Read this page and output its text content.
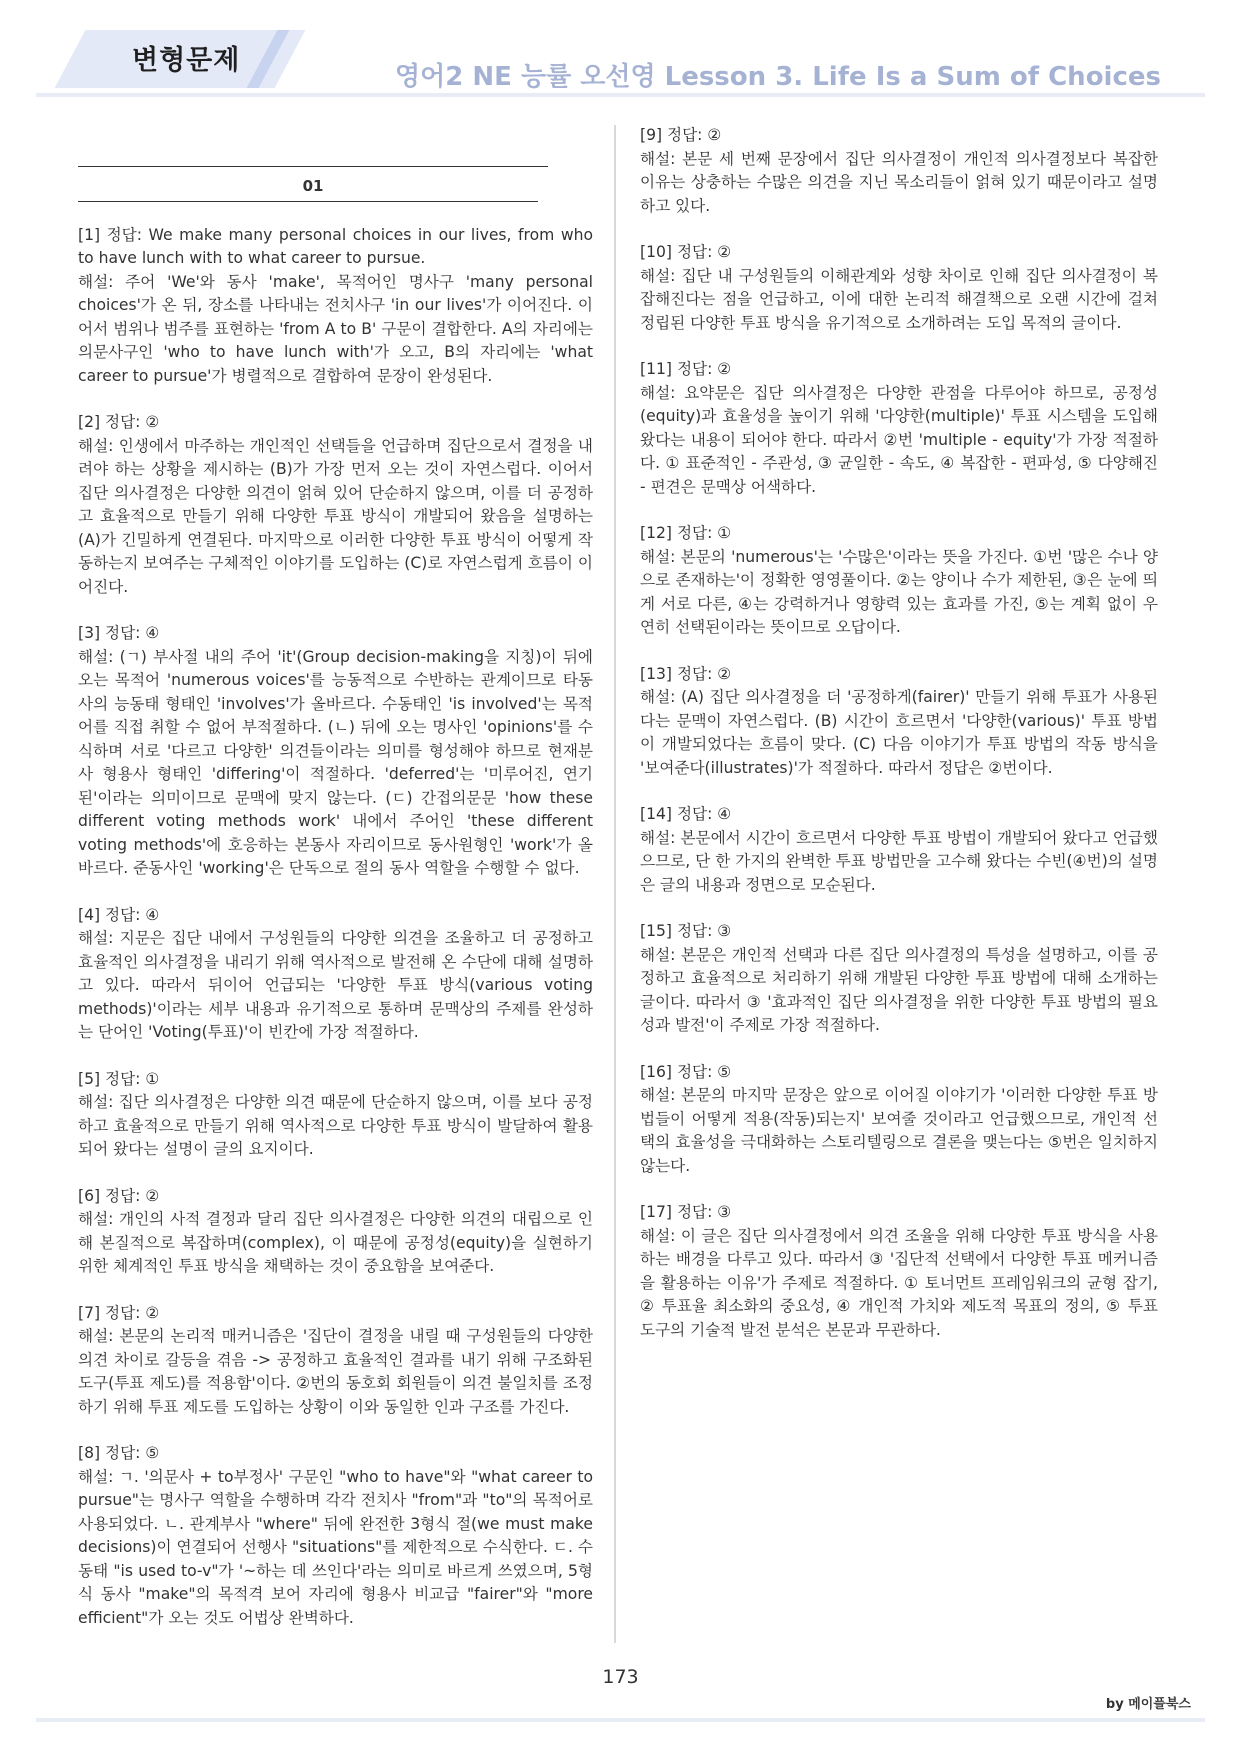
변형문제
영어2 NE 능률 오선영 Lesson 3. Life Is a Sum of Choices
01

[1] 정답: We make many personal choices in our lives, from who to have lunch with to what career to pursue.

해설: 주어 'We'와 동사 'make', 목적어인 명사구 'many personal choices'가 온 뒤, 장소를 나타내는 전치사구 'in our lives'가 이어진다. 이어서 범위나 범주를 표현하는 'from A to B' 구문이 결합한다. A의 자리에는 의문사구인 'who to have lunch with'가 오고, B의 자리에는 'what career to pursue'가 병렬적으로 결합하여 문장이 완성된다.

[2] 정답: ②

해설: 인생에서 마주하는 개인적인 선택들을 언급하며 집단으로서 결정을 내려야 하는 상황을 제시하는 (B)가 가장 먼저 오는 것이 자연스럽다. 이어서 집단 의사결정은 다양한 의견이 얽혀 있어 단순하지 않으며, 이를 더 공정하고 효율적으로 만들기 위해 다양한 투표 방식이 개발되어 왔음을 설명하는 (A)가 긴밀하게 연결된다. 마지막으로 이러한 다양한 투표 방식이 어떻게 작동하는지 보여주는 구체적인 이야기를 도입하는 (C)로 자연스럽게 흐름이 이어진다.

[3] 정답: ④

해설: (ㄱ) 부사절 내의 주어 'it'(Group decision-making을 지칭)이 뒤에 오는 목적어 'numerous voices'를 능동적으로 수반하는 관계이므로 타동사의 능동태 형태인 'involves'가 올바르다. 수동태인 'is involved'는 목적어를 직접 취할 수 없어 부적절하다. (ㄴ) 뒤에 오는 명사인 'opinions'를 수식하며 서로 '다르고 다양한' 의견들이라는 의미를 형성해야 하므로 현재분사 형용사 형태인 'differing'이 적절하다. 'deferred'는 '미루어진, 연기된'이라는 의미이므로 문맥에 맞지 않는다. (ㄷ) 간접의문문 'how these different voting methods work' 내에서 주어인 'these different voting methods'에 호응하는 본동사 자리이므로 동사원형인 'work'가 올바르다. 준동사인 'working'은 단독으로 절의 동사 역할을 수행할 수 없다.

[4] 정답: ④

해설: 지문은 집단 내에서 구성원들의 다양한 의견을 조율하고 더 공정하고 효율적인 의사결정을 내리기 위해 역사적으로 발전해 온 수단에 대해 설명하고 있다. 따라서 뒤이어 언급되는 '다양한 투표 방식(various voting methods)'이라는 세부 내용과 유기적으로 통하며 문맥상의 주제를 완성하는 단어인 'Voting(투표)'이 빈칸에 가장 적절하다.

[5] 정답: ①

해설: 집단 의사결정은 다양한 의견 때문에 단순하지 않으며, 이를 보다 공정하고 효율적으로 만들기 위해 역사적으로 다양한 투표 방식이 발달하여 활용되어 왔다는 설명이 글의 요지이다.

[6] 정답: ②

해설: 개인의 사적 결정과 달리 집단 의사결정은 다양한 의견의 대립으로 인해 본질적으로 복잡하며(complex), 이 때문에 공정성(equity)을 실현하기 위한 체계적인 투표 방식을 채택하는 것이 중요함을 보여준다.

[7] 정답: ②

해설: 본문의 논리적 매커니즘은 '집단이 결정을 내릴 때 구성원들의 다양한 의견 차이로 갈등을 겪음 -> 공정하고 효율적인 결과를 내기 위해 구조화된 도구(투표 제도)를 적용함'이다. ②번의 동호회 회원들이 의견 불일치를 조정하기 위해 투표 제도를 도입하는 상황이 이와 동일한 인과 구조를 가진다.

[8] 정답: ⑤

해설: ㄱ. '의문사 + to부정사' 구문인 "who to have"와 "what career to pursue"는 명사구 역할을 수행하며 각각 전치사 "from"과 "to"의 목적어로 사용되었다. ㄴ. 관계부사 "where" 뒤에 완전한 3형식 절(we must make decisions)이 연결되어 선행사 "situations"를 제한적으로 수식한다. ㄷ. 수동태 "is used to-v"가 '~하는 데 쓰인다'라는 의미로 바르게 쓰였으며, 5형식 동사 "make"의 목적격 보어 자리에 형용사 비교급 "fairer"와 "more efficient"가 오는 것도 어법상 완벽하다.

[9] 정답: ②

해설: 본문 세 번째 문장에서 집단 의사결정이 개인적 의사결정보다 복잡한 이유는 상충하는 수많은 의견을 지닌 목소리들이 얽혀 있기 때문이라고 설명하고 있다.

[10] 정답: ②

해설: 집단 내 구성원들의 이해관계와 성향 차이로 인해 집단 의사결정이 복잡해진다는 점을 언급하고, 이에 대한 논리적 해결책으로 오랜 시간에 걸쳐 정립된 다양한 투표 방식을 유기적으로 소개하려는 도입 목적의 글이다.

[11] 정답: ②

해설: 요약문은 집단 의사결정은 다양한 관점을 다루어야 하므로, 공정성(equity)과 효율성을 높이기 위해 '다양한(multiple)' 투표 시스템을 도입해왔다는 내용이 되어야 한다. 따라서 ②번 'multiple - equity'가 가장 적절하다. ① 표준적인 - 주관성, ③ 균일한 - 속도, ④ 복잡한 - 편파성, ⑤ 다양해진 - 편견은 문맥상 어색하다.

[12] 정답: ①

해설: 본문의 'numerous'는 '수많은'이라는 뜻을 가진다. ①번 '많은 수나 양으로 존재하는'이 정확한 영영풀이다. ②는 양이나 수가 제한된, ③은 눈에 띄게 서로 다른, ④는 강력하거나 영향력 있는 효과를 가진, ⑤는 계획 없이 우연히 선택된이라는 뜻이므로 오답이다.

[13] 정답: ②

해설: (A) 집단 의사결정을 더 '공정하게(fairer)' 만들기 위해 투표가 사용된다는 문맥이 자연스럽다. (B) 시간이 흐르면서 '다양한(various)' 투표 방법이 개발되었다는 흐름이 맞다. (C) 다음 이야기가 투표 방법의 작동 방식을 '보여준다(illustrates)'가 적절하다. 따라서 정답은 ②번이다.

[14] 정답: ④

해설: 본문에서 시간이 흐르면서 다양한 투표 방법이 개발되어 왔다고 언급했으므로, 단 한 가지의 완벽한 투표 방법만을 고수해 왔다는 수빈(④번)의 설명은 글의 내용과 정면으로 모순된다.

[15] 정답: ③

해설: 본문은 개인적 선택과 다른 집단 의사결정의 특성을 설명하고, 이를 공정하고 효율적으로 처리하기 위해 개발된 다양한 투표 방법에 대해 소개하는 글이다. 따라서 ③ '효과적인 집단 의사결정을 위한 다양한 투표 방법의 필요성과 발전'이 주제로 가장 적절하다.

[16] 정답: ⑤

해설: 본문의 마지막 문장은 앞으로 이어질 이야기가 '이러한 다양한 투표 방법들이 어떻게 적용(작동)되는지' 보여줄 것이라고 언급했으므로, 개인적 선택의 효율성을 극대화하는 스토리텔링으로 결론을 맺는다는 ⑤번은 일치하지 않는다.

[17] 정답: ③

해설: 이 글은 집단 의사결정에서 의견 조율을 위해 다양한 투표 방식을 사용하는 배경을 다루고 있다. 따라서 ③ '집단적 선택에서 다양한 투표 메커니즘을 활용하는 이유'가 주제로 적절하다. ① 토너먼트 프레임워크의 균형 잡기, ② 투표율 최소화의 중요성, ④ 개인적 가치와 제도적 목표의 정의, ⑤ 투표 도구의 기술적 발전 분석은 본문과 무관하다.

173
by 메이플북스
